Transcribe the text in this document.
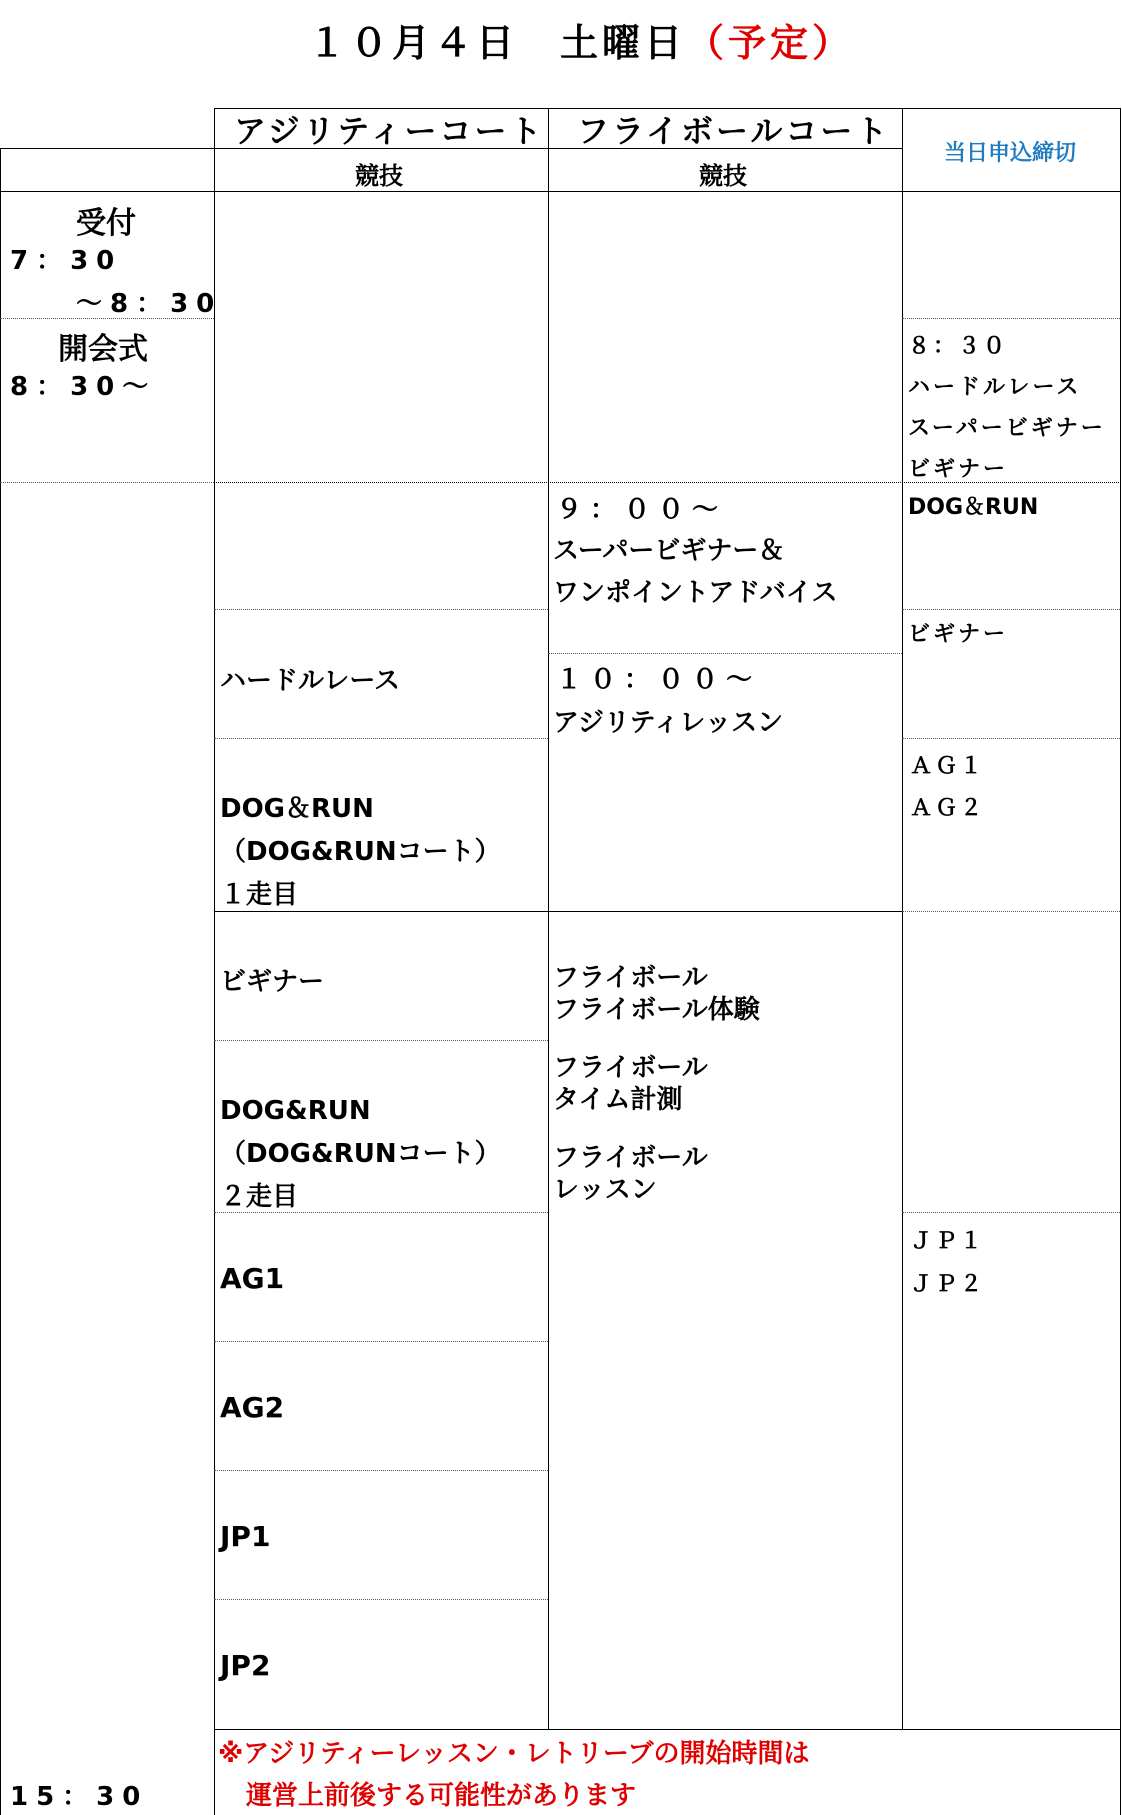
１０月４日　土曜日（予定）
アジリティーコート フライボールコート
当日申込締切
競技	競技
受付
7：30
～8：30
開会式
8：30～
15：30
ハードルレース
DOG＆RUN
（DOG&RUNコート）
１走目
ビギナー
DOG&RUN
（DOG&RUNコート）
２走目
AG1
AG2
JP1
JP2
９：００～
スーパービギナー＆
ワンポイントアドバイス
１０：００～
アジリティレッスン
フライボール
フライボール体験
フライボール
タイム計測
フライボール
レッスン
８：３０
ハードルレース
スーパービギナー
ビギナー
DOG＆RUN
ビギナー
ＡＧ１
ＡＧ２
ＪＰ１
ＪＰ２
※アジリティーレッスン・レトリーブの開始時間は
運営上前後する可能性があります
